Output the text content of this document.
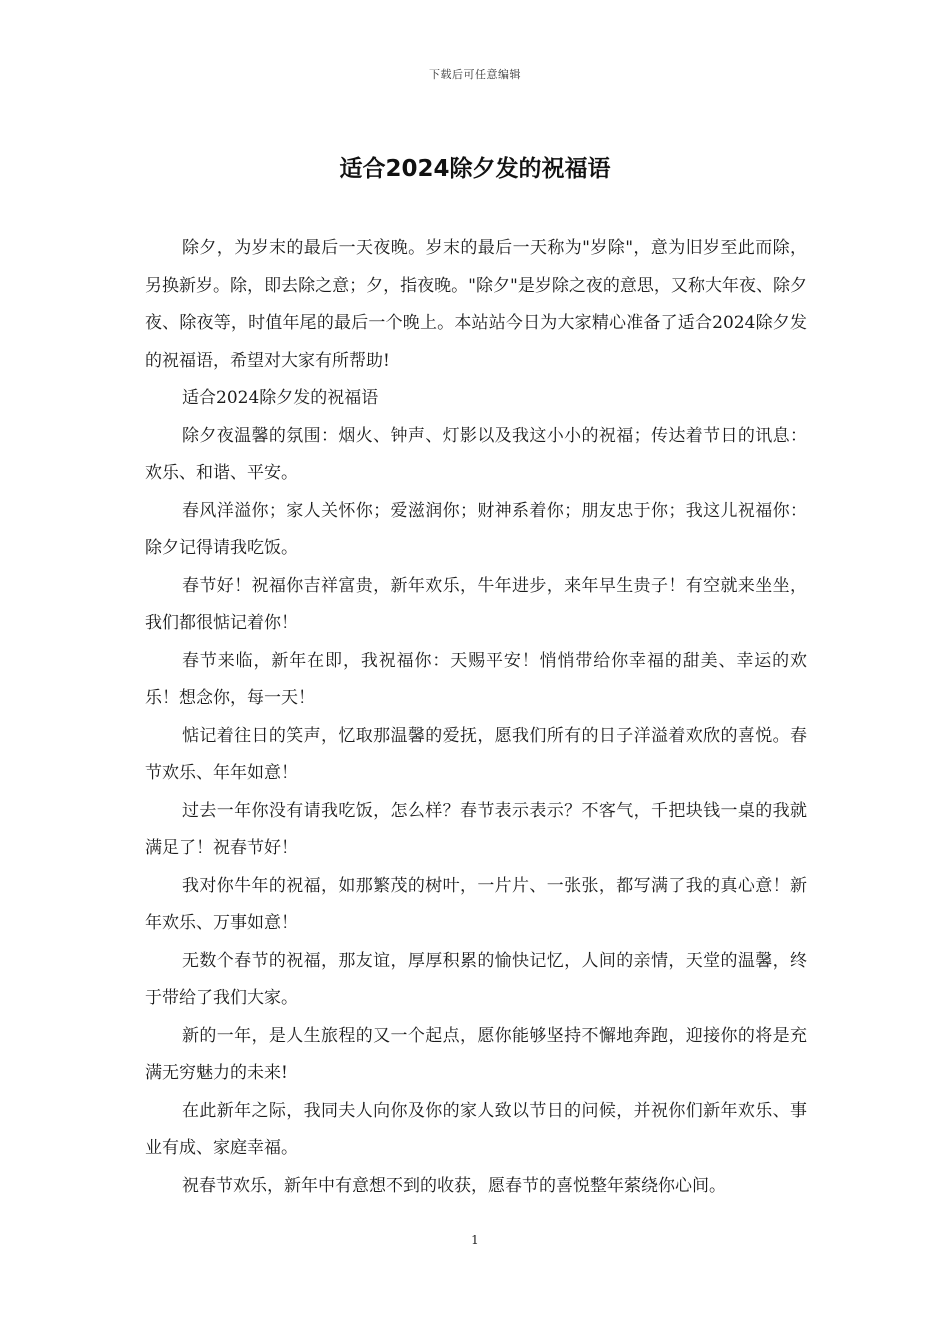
下载后可任意编辑
适合2024除夕发的祝福语

除夕，为岁末的最后一天夜晚。岁末的最后一天称为"岁除"，意为旧岁至此而除，另换新岁。除，即去除之意；夕，指夜晚。"除夕"是岁除之夜的意思，又称大年夜、除夕夜、除夜等，时值年尾的最后一个晚上。本站站今日为大家精心准备了适合2024除夕发的祝福语，希望对大家有所帮助!

适合2024除夕发的祝福语

除夕夜温馨的氛围：烟火、钟声、灯影以及我这小小的祝福；传达着节日的讯息：欢乐、和谐、平安。

春风洋溢你；家人关怀你；爱滋润你；财神系着你；朋友忠于你；我这儿祝福你：除夕记得请我吃饭。

春节好！祝福你吉祥富贵，新年欢乐，牛年进步，来年早生贵子！有空就来坐坐，我们都很惦记着你！

春节来临，新年在即，我祝福你：天赐平安！悄悄带给你幸福的甜美、幸运的欢乐！想念你，每一天！

惦记着往日的笑声，忆取那温馨的爱抚，愿我们所有的日子洋溢着欢欣的喜悦。春节欢乐、年年如意！

过去一年你没有请我吃饭，怎么样？春节表示表示？不客气，千把块钱一桌的我就满足了！祝春节好！

我对你牛年的祝福，如那繁茂的树叶，一片片、一张张，都写满了我的真心意！新年欢乐、万事如意！

无数个春节的祝福，那友谊，厚厚积累的愉快记忆，人间的亲情，天堂的温馨，终于带给了我们大家。

新的一年，是人生旅程的又一个起点，愿你能够坚持不懈地奔跑，迎接你的将是充满无穷魅力的未来!

在此新年之际，我同夫人向你及你的家人致以节日的问候，并祝你们新年欢乐、事业有成、家庭幸福。

祝春节欢乐，新年中有意想不到的收获，愿春节的喜悦整年萦绕你心间。

1
